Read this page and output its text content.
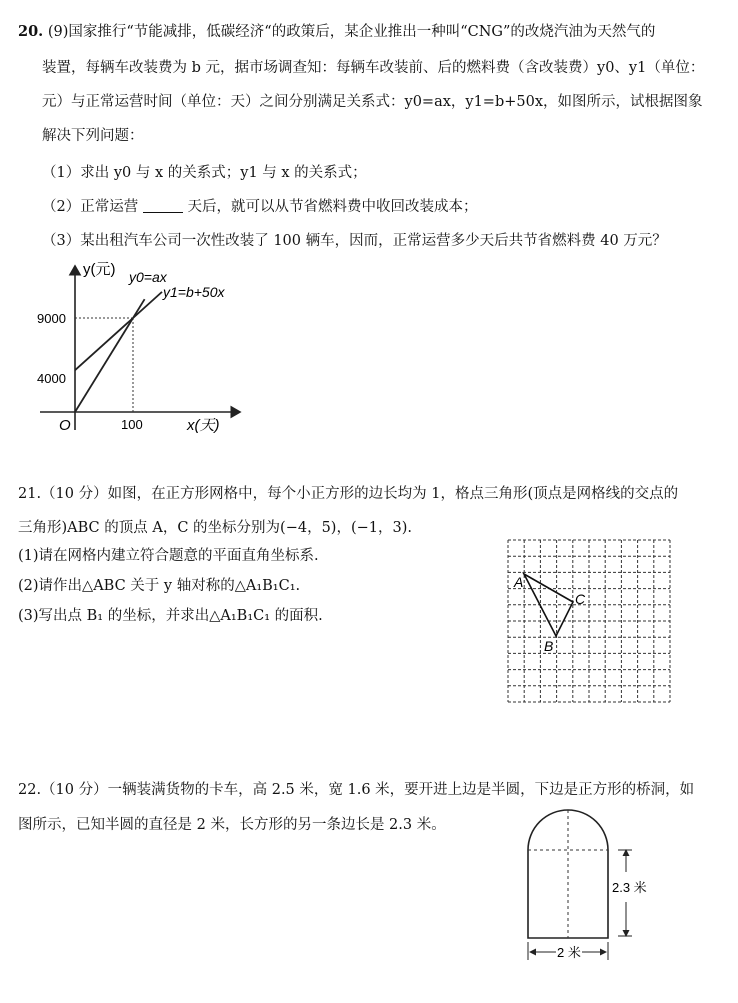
20. (9)国家推行“节能减排，低碳经济“的政策后，某企业推出一种叫“CNG”的改烧汽油为天然气的
装置，每辆车改装费为 b 元，据市场调查知：每辆车改装前、后的燃料费（含改装费）y0、y1（单位：
元）与正常运营时间（单位：天）之间分别满足关系式：y0=ax，y1=b+50x，如图所示，试根据图象
解决下列问题：
（1）求出 y0 与 x 的关系式；y1 与 x 的关系式；
（2）正常运营	天后，就可以从节省燃料费中收回改装成本；
（3）某出租汽车公司一次性改装了 100 辆车，因而，正常运营多少天后共节省燃料费 40 万元？
y(元)
x(天)
O
9000
4000
100
y0=ax
y1=b+50x
21.（10 分）如图，在正方形网格中，每个小正方形的边长均为 1，格点三角形(顶点是网格线的交点的
三角形)ABC 的顶点 A，C 的坐标分别为(−4，5)，(−1，3).
(1)请在网格内建立符合题意的平面直角坐标系.
(2)请作出△ABC 关于 y 轴对称的△A₁B₁C₁.
(3)写出点 B₁ 的坐标，并求出△A₁B₁C₁ 的面积.
A
B
C
22.（10 分）一辆装满货物的卡车，高 2.5 米，宽 1.6 米，要开进上边是半圆，下边是正方形的桥洞，如
图所示，已知半圆的直径是 2 米，长方形的另一条边长是 2.3 米。
2.3 米
2 米
